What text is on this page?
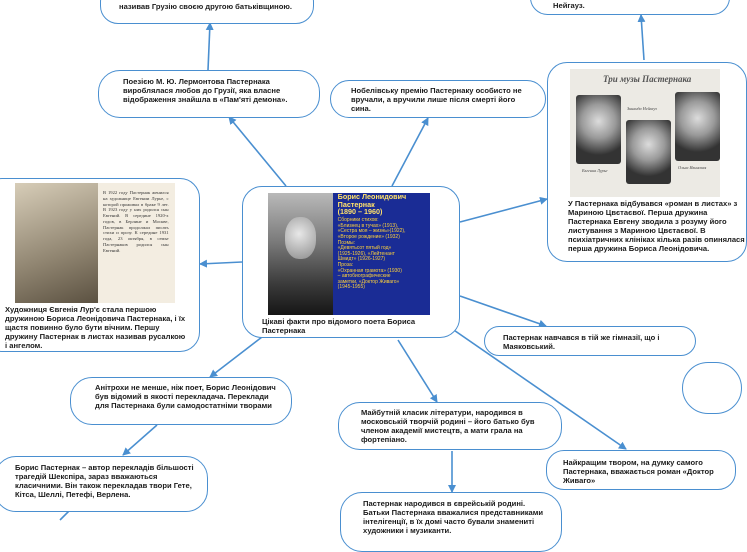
називав Грузію своєю другою батьківщиною.	Нейгауз.

Поезією М. Ю. Лермонтова Пастернака вироблялася любов до Грузії, яка власне відображення знайшла в «Пам'яті демона».

Нобелівську премію Пастернаку особисто не вручали, а вручили лише після смерті його сина.

Борис Леонидович Пастернак
(1890 – 1960)
Сборники стихов:
«Близнец в тучах» (1913),
«Сестра моя – жизнь»(1922),
«Второе рождение» (1932)
Поэмы:
«Девятьсот пятый год»
(1925-1926), «Лейтенант
Шмидт» (1926-1927)
Проза:
«Охранная грамота» (1930)
– автобиографические
заметки, «Доктор Живаго»
(1945-1955)

Цікаві факти про відомого поета Бориса Пастернака

В 1922 году Пастернак женился на художнице Евгении Лурье, с которой проживал в браке 9 лет. В 1923 году у них родился сын Евгений. В середине 1920-х годов, в Берлине и Москве, Пастернак продолжал писать стихи и прозу. К середине 1931 года, 23 октября, в семье Пастернаков родился сын Евгений.

Художниця Євгенія Лур'є стала першою дружиною Бориса Леонідовича Пастернака, і їх щастя повинно було бути вічним. Першу дружину Пастернак в листах називав русалкою і ангелом.

Три музы Пастернака
Евгения Лурье
Зинаида Нейгауз
Ольга Ивинская

У Пастернака відбувався «роман в листах» з Мариною Цвєтаєвої. Перша дружина Пастернака Евгену зводила з розуму його листування з Мариною Цвєтаєвої. В психіатричних клініках кілька разів опинялася перша дружина Бориса Леонідовича.

Пастернак навчався в тій же гімназії, що і Маяковський.

Анітрохи не менше, ніж поет, Борис Леонідович був відомий в якості перекладача. Переклади для Пастернака були самодостатніми творами

Майбутній класик літератури, народився в московській творчій родині – його батько був членом академії мистецтв, а мати грала на фортепіано.

Найкращим твором, на думку самого Пастернака, вважається роман «Доктор Живаго»

Борис Пастернак – автор перекладів більшості трагедій Шекспіра, зараз вважаються класичними. Він також перекладав твори Гете, Кітса, Шеллі, Петефі, Верлена.

Пастернак народився в єврейській родині. Батьки Пастернака вважалися представниками інтелігенції, в їх домі часто бували знамениті художники і музиканти.
